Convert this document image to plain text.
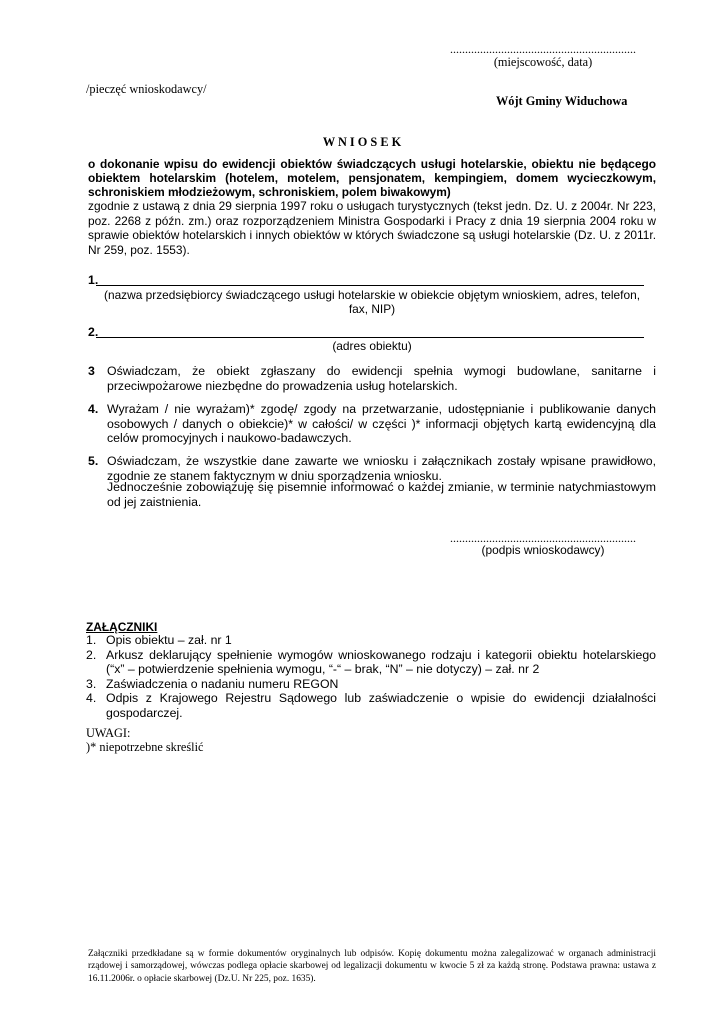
..............................................................
(miejscowość, data)
/pieczęć wnioskodawcy/
Wójt Gminy Widuchowa
W N I O S E K
o dokonanie wpisu do ewidencji obiektów świadczących usługi hotelarskie, obiektu nie będącego obiektem hotelarskim (hotelem, motelem, pensjonatem, kempingiem, domem wycieczkowym, schroniskiem młodzieżowym, schroniskiem, polem biwakowym)
zgodnie z ustawą z dnia 29 sierpnia 1997 roku o usługach turystycznych (tekst jedn. Dz. U. z 2004r. Nr 223, poz. 2268 z późn. zm.) oraz rozporządzeniem Ministra Gospodarki i Pracy z dnia 19 sierpnia 2004 roku w sprawie obiektów hotelarskich i innych obiektów w których świadczone są usługi hotelarskie (Dz. U. z 2011r. Nr 259, poz. 1553).
1.
(nazwa przedsiębiorcy świadczącego usługi hotelarskie w obiekcie objętym wnioskiem, adres, telefon, fax, NIP)
2.
(adres obiektu)
3 Oświadczam, że obiekt zgłaszany do ewidencji spełnia wymogi budowlane, sanitarne i przeciwpożarowe niezbędne do prowadzenia usług hotelarskich.
4. Wyrażam / nie wyrażam)* zgodę/ zgody na przetwarzanie, udostępnianie i publikowanie danych osobowych / danych o obiekcie)* w całości/ w części )* informacji objętych kartą ewidencyjną dla celów promocyjnych i naukowo-badawczych.
5. Oświadczam, że wszystkie dane zawarte we wniosku i załącznikach zostały wpisane prawidłowo, zgodnie ze stanem faktycznym w dniu sporządzenia wniosku.
Jednocześnie zobowiązuję się pisemnie informować o każdej zmianie, w terminie natychmiastowym od jej zaistnienia.
..............................................................
(podpis wnioskodawcy)
ZAŁĄCZNIKI
1. Opis obiektu – zał. nr 1
2. Arkusz deklarujący spełnienie wymogów wnioskowanego rodzaju i kategorii obiektu hotelarskiego (“x” – potwierdzenie spełnienia wymogu, “-“ – brak, “N” – nie dotyczy) – zał. nr 2
3. Zaświadczenia o nadaniu numeru REGON
4. Odpis z Krajowego Rejestru Sądowego lub zaświadczenie o wpisie do ewidencji działalności gospodarczej.
UWAGI:
)* niepotrzebne skreślić
Załączniki przedkładane są w formie dokumentów oryginalnych lub odpisów. Kopię dokumentu można zalegalizować w organach administracji rządowej i samorządowej, wówczas podlega opłacie skarbowej od legalizacji dokumentu w kwocie 5 zł za każdą stronę. Podstawa prawna: ustawa z 16.11.2006r. o opłacie skarbowej (Dz.U. Nr 225, poz. 1635).
